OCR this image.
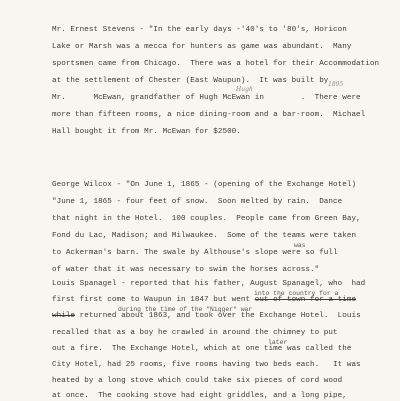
Mr. Ernest Stevens - "In the early days -'40's to '80's, Horicon
Lake or Marsh was a mecca for hunters as game was abundant.  Many
sportsmen came from Chicago.  There was a hotel for their Accommodation
at the settlement of Chester (East Waupun).  It was built by 1895
Hugh
Mr.      McEwan, grandfather of Hugh McEwan in        .  There were
more than fifteen rooms, a nice dining-room and a bar-room.  Michael
Hall bought it from Mr. McEwan for $2500.
George Wilcox - "On June 1, 1865 - (opening of the Exchange Hotel)
"June 1, 1865 - four feet of snow.  Soon melted by rain.  Dance
that night in the Hotel.  100 couples.  People came from Green Bay,
Fond du Lac, Madison; and Milwaukee.  Some of the teams were taken
was
to Ackerman's barn. The swale by Althouse's slope were so full
of water that it was necessary to swim the horses across."
Louis Spanagel - reported that his father, August Spanagel, who  had
into the country for a
first first come to Waupun in 1847 but went out of town for a time
during the time of the "Nigger" war
while returned about 1863, and took over the Exchange Hotel.  Louis
recalled that as a boy he crawled in around the chimney to put
later
out a fire.  The Exchange Hotel, which at one time was called the
City Hotel, had 25 rooms, five rooms having two beds each.   It was
heated by a long stove which could take six pieces of cord wood
at once.  The cooking stove had eight griddles, and a long pipe,
